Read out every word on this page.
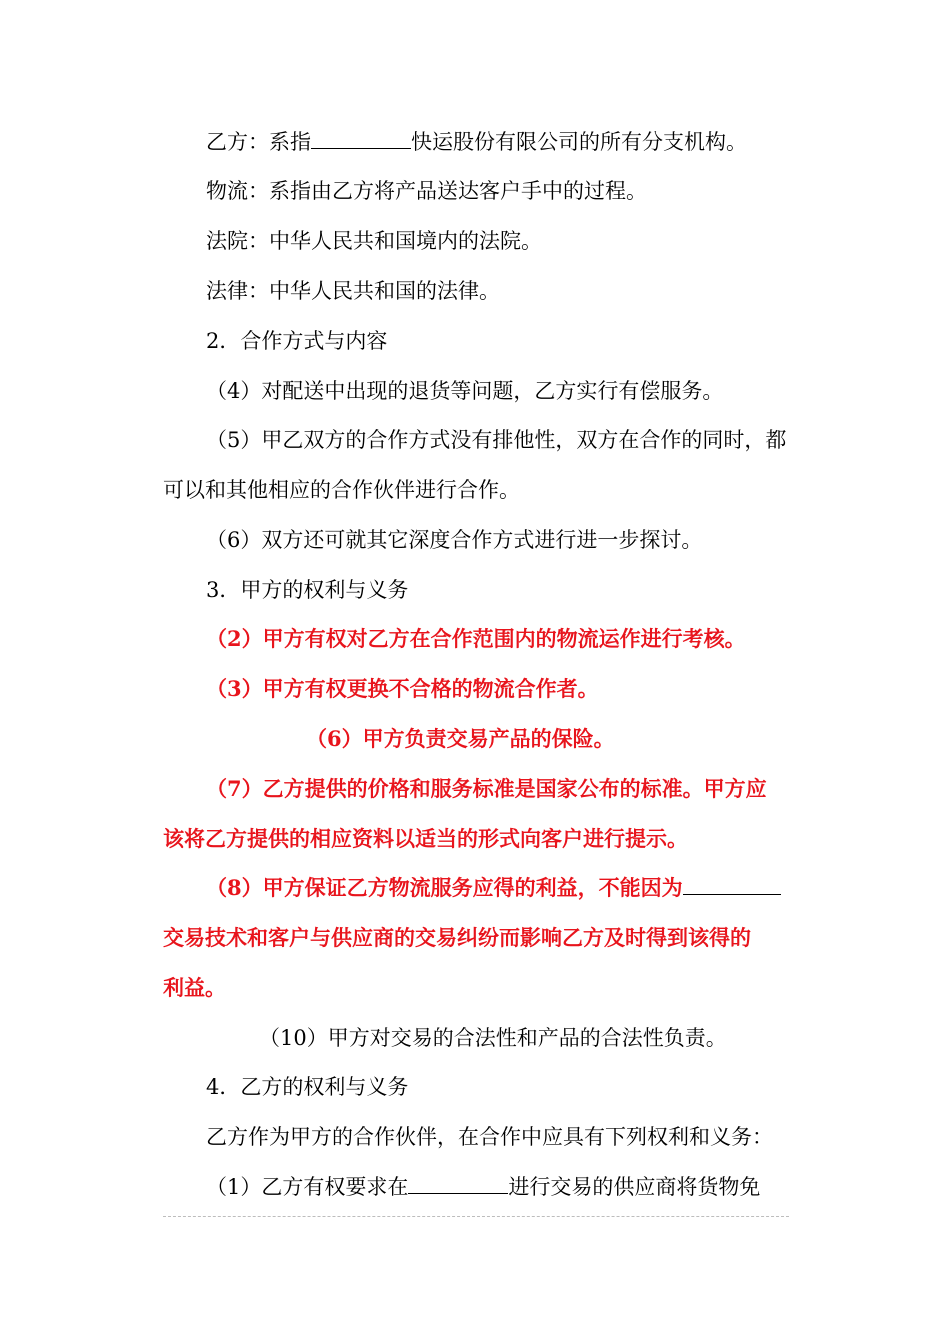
乙方：系指	快运股份有限公司的所有分支机构。
物流：系指由乙方将产品送达客户手中的过程。
法院：中华人民共和国境内的法院。
法律：中华人民共和国的法律。
2．合作方式与内容
（4）对配送中出现的退货等问题，乙方实行有偿服务。
（5）甲乙双方的合作方式没有排他性，双方在合作的同时，都
可以和其他相应的合作伙伴进行合作。
（6）双方还可就其它深度合作方式进行进一步探讨。
3．甲方的权利与义务
（2）甲方有权对乙方在合作范围内的物流运作进行考核。
（3）甲方有权更换不合格的物流合作者。
（6）甲方负责交易产品的保险。
（7）乙方提供的价格和服务标准是国家公布的标准。甲方应
该将乙方提供的相应资料以适当的形式向客户进行提示。
（8）甲方保证乙方物流服务应得的利益，不能因为
交易技术和客户与供应商的交易纠纷而影响乙方及时得到该得的
利益。
（10）甲方对交易的合法性和产品的合法性负责。
4．乙方的权利与义务
乙方作为甲方的合作伙伴，在合作中应具有下列权利和义务：
（1）乙方有权要求在	进行交易的供应商将货物免
